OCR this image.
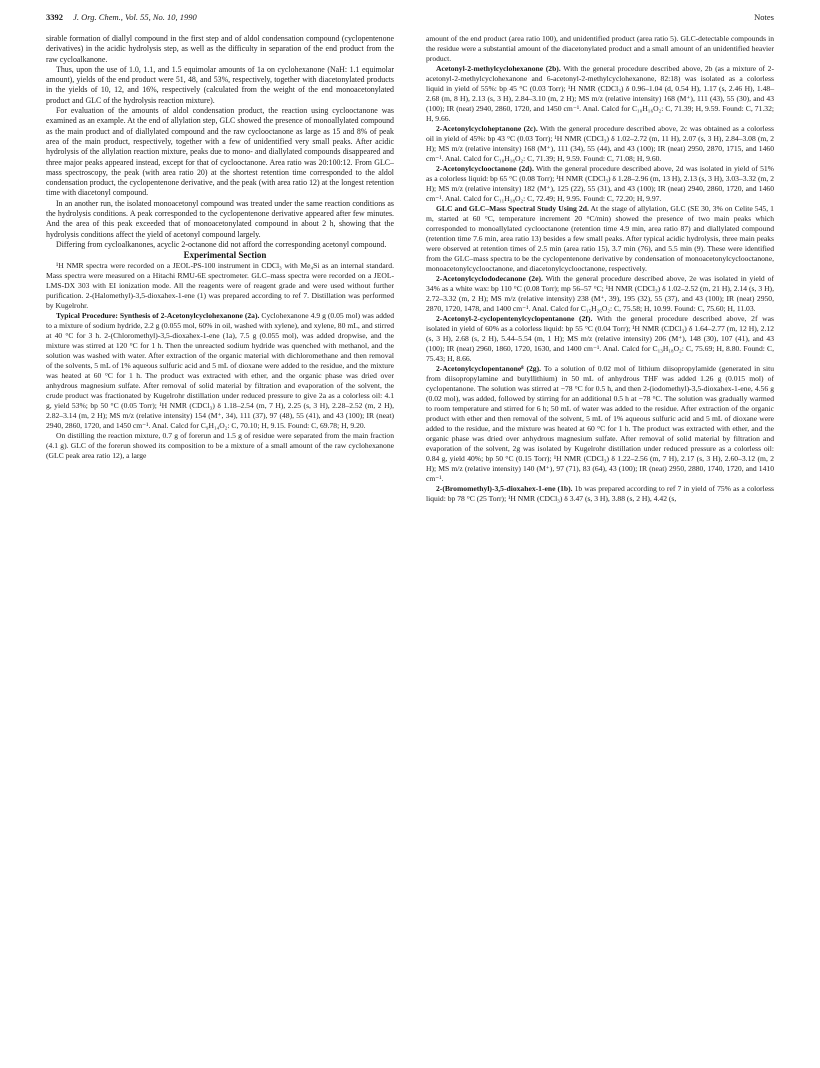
3392 J. Org. Chem., Vol. 55, No. 10, 1990	Notes

sirable formation of diallyl compound in the first step and of aldol condensation compound (cyclopentenone derivatives) in the acidic hydrolysis step, as well as the difficulty in separation of the end product from the raw cycloalkanone.

Thus, upon the use of 1.0, 1.1, and 1.5 equimolar amounts of 1a on cyclohexanone (NaH: 1.1 equimolar amount), yields of the end product were 51, 48, and 53%, respectively, together with diacetonylated products in the yields of 10, 12, and 16%, respectively (calculated from the weight of the end monoacetonylated product and GLC of the hydrolysis reaction mixture).

For evaluation of the amounts of aldol condensation product, the reaction using cyclooctanone was examined as an example. At the end of allylation step, GLC showed the presence of monoallylated compound as the main product and of diallylated compound and the raw cyclooctanone as large as 15 and 8% of peak area of the main product, respectively, together with a few of unidentified very small peaks. After acidic hydrolysis of the allylation reaction mixture, peaks due to mono- and diallylated compounds disappeared and three major peaks appeared instead, except for that of cyclooctanone. Area ratio was 20:100:12. From GLC–mass spectroscopy, the peak (with area ratio 20) at the shortest retention time corresponded to the aldol condensation product, the cyclopentenone derivative, and the peak (with area ratio 12) at the longest retention time with diacetonyl compound.

In an another run, the isolated monoacetonyl compound was treated under the same reaction conditions as the hydrolysis conditions. A peak corresponded to the cyclopentenone derivative appeared after few minutes. And the area of this peak exceeded that of monoacetonylated compound in about 2 h, showing that the hydrolysis conditions affect the yield of acetonyl compound largely.

Differing from cycloalkanones, acyclic 2-octanone did not afford the corresponding acetonyl compound.

Experimental Section

¹H NMR spectra were recorded on a JEOL-PS-100 instrument in CDCl₃ with Me₄Si as an internal standard. Mass spectra were measured on a Hitachi RMU-6E spectrometer. GLC–mass spectra were recorded on a JEOL-LMS-DX 303 with EI ionization mode. All the reagents were of reagent grade and were used without further purification. 2-(Halomethyl)-3,5-dioxahex-1-ene (1) was prepared according to ref 7. Distillation was performed by Kugelrohr.

Typical Procedure: Synthesis of 2-Acetonylcyclohexanone (2a). Cyclohexanone 4.9 g (0.05 mol) was added to a mixture of sodium hydride, 2.2 g (0.055 mol, 60% in oil, washed with xylene), and xylene, 80 mL, and stirred at 40 °C for 3 h. 2-(Chloromethyl)-3,5-dioxahex-1-ene (1a), 7.5 g (0.055 mol), was added dropwise, and the mixture was stirred at 120 °C for 1 h. Then the unreacted sodium hydride was quenched with methanol, and the solution was washed with water. After extraction of the organic material with dichloromethane and then removal of the solvents, 5 mL of 1% aqueous sulfuric acid and 5 mL of dioxane were added to the residue, and the mixture was heated at 60 °C for 1 h. The product was extracted with ether, and the organic phase was dried over anhydrous magnesium sulfate. After removal of solid material by filtration and evaporation of the solvent, the crude product was fractionated by Kugelrohr distillation under reduced pressure to give 2a as a colorless oil: 4.1 g, yield 53%; bp 50 °C (0.05 Torr); ¹H NMR (CDCl₃) δ 1.18–2.54 (m, 7 H), 2.25 (s, 3 H), 2.28–2.52 (m, 2 H), 2.82–3.14 (m, 2 H); MS m/z (relative intensity) 154 (M⁺, 34), 111 (37), 97 (48), 55 (41), and 43 (100); IR (neat) 2940, 2860, 1720, and 1450 cm⁻¹. Anal. Calcd for C₉H₁₄O₂: C, 70.10; H, 9.15. Found: C, 69.78; H, 9.20.

On distilling the reaction mixture, 0.7 g of forerun and 1.5 g of residue were separated from the main fraction (4.1 g). GLC of the forerun showed its composition to be a mixture of a small amount of the raw cyclohexanone (GLC peak area ratio 12), a large

amount of the end product (area ratio 100), and unidentified product (area ratio 5). GLC-detectable compounds in the residue were a substantial amount of the diacetonylated product and a small amount of an unidentified heavier product.

Acetonyl-2-methylcyclohexanone (2b). With the general procedure described above, 2b (as a mixture of 2-acetonyl-2-methylcyclohexanone and 6-acetonyl-2-methylcyclohexanone, 82:18) was isolated as a colorless liquid in yield of 55%: bp 45 °C (0.03 Torr); ¹H NMR (CDCl₃) δ 0.96–1.04 (d, 0.54 H), 1.17 (s, 2.46 H), 1.48–2.68 (m, 8 H), 2.13 (s, 3 H), 2.84–3.10 (m, 2 H); MS m/z (relative intensity) 168 (M⁺), 111 (43), 55 (30), and 43 (100); IR (neat) 2940, 2860, 1720, and 1450 cm⁻¹. Anal. Calcd for C₁₀H₁₆O₂: C, 71.39; H, 9.59. Found: C, 71.32; H, 9.66.

2-Acetonylcycloheptanone (2c). With the general procedure described above, 2c was obtained as a colorless oil in yield of 45%: bp 43 °C (0.03 Torr); ¹H NMR (CDCl₃) δ 1.02–2.72 (m, 11 H), 2.07 (s, 3 H), 2.84–3.08 (m, 2 H); MS m/z (relative intensity) 168 (M⁺), 111 (34), 55 (44), and 43 (100); IR (neat) 2950, 2870, 1715, and 1460 cm⁻¹. Anal. Calcd for C₁₀H₁₆O₂: C, 71.39; H, 9.59. Found: C, 71.08; H, 9.60.

2-Acetonylcyclooctanone (2d). With the general procedure described above, 2d was isolated in yield of 51% as a colorless liquid: bp 65 °C (0.08 Torr); ¹H NMR (CDCl₃) δ 1.28–2.96 (m, 13 H), 2.13 (s, 3 H), 3.03–3.32 (m, 2 H); MS m/z (relative intensity) 182 (M⁺), 125 (22), 55 (31), and 43 (100); IR (neat) 2940, 2860, 1720, and 1460 cm⁻¹. Anal. Calcd for C₁₁H₁₈O₂: C, 72.49; H, 9.95. Found: C, 72.20; H, 9.97.

GLC and GLC–Mass Spectral Study Using 2d. At the stage of allylation, GLC (SE 30, 3% on Celite 545, 1 m, started at 60 °C, temperature increment 20 °C/min) showed the presence of two main peaks which corresponded to monoallylated cyclooctanone (retention time 4.9 min, area ratio 87) and diallylated compound (retention time 7.6 min, area ratio 13) besides a few small peaks. After typical acidic hydrolysis, three main peaks were observed at retention times of 2.5 min (area ratio 15), 3.7 min (76), and 5.5 min (9). These were identified from the GLC–mass spectra to be the cyclopentenone derivative by condensation of monoacetonylcyclooctanone, monoacetonylcyclooctanone, and diacetonylcyclooctanone, respectively.

2-Acetonylcyclododecanone (2e). With the general procedure described above, 2e was isolated in yield of 34% as a white wax: bp 110 °C (0.08 Torr); mp 56–57 °C; ¹H NMR (CDCl₃) δ 1.02–2.52 (m, 21 H), 2.14 (s, 3 H), 2.72–3.32 (m, 2 H); MS m/z (relative intensity) 238 (M⁺, 39), 195 (32), 55 (37), and 43 (100); IR (neat) 2950, 2870, 1720, 1478, and 1400 cm⁻¹. Anal. Calcd for C₁₅H₂₆O₂: C, 75.58; H, 10.99. Found: C, 75.60; H, 11.03.

2-Acetonyl-2-cyclopentenylcyclopentanone (2f). With the general procedure described above, 2f was isolated in yield of 60% as a colorless liquid: bp 55 °C (0.04 Torr); ¹H NMR (CDCl₃) δ 1.64–2.77 (m, 12 H), 2.12 (s, 3 H), 2.68 (s, 2 H), 5.44–5.54 (m, 1 H); MS m/z (relative intensity) 206 (M⁺), 148 (30), 107 (41), and 43 (100); IR (neat) 2960, 1860, 1720, 1630, and 1400 cm⁻¹. Anal. Calcd for C₁₃H₁₈O₂: C, 75.69; H, 8.80. Found: C, 75.43; H, 8.66.

2-Acetonylcyclopentanone⁸ (2g). To a solution of 0.02 mol of lithium diisopropylamide (generated in situ from diisopropylamine and butyllithium) in 50 mL of anhydrous THF was added 1.26 g (0.015 mol) of cyclopentanone. The solution was stirred at −78 °C for 0.5 h, and then 2-(iodomethyl)-3,5-dioxahex-1-ene, 4.56 g (0.02 mol), was added, followed by stirring for an additional 0.5 h at −78 °C. The solution was gradually warmed to room temperature and stirred for 6 h; 50 mL of water was added to the residue. After extraction of the organic product with ether and then removal of the solvent, 5 mL of 1% aqueous sulfuric acid and 5 mL of dioxane were added to the residue, and the mixture was heated at 60 °C for 1 h. The product was extracted with ether, and the organic phase was dried over anhydrous magnesium sulfate. After removal of solid material by filtration and evaporation of the solvent, 2g was isolated by Kugelrohr distillation under reduced pressure as a colorless oil: 0.84 g, yield 40%; bp 50 °C (0.15 Torr); ¹H NMR (CDCl₃) δ 1.22–2.56 (m, 7 H), 2.17 (s, 3 H), 2.60–3.12 (m, 2 H); MS m/z (relative intensity) 140 (M⁺), 97 (71), 83 (64), 43 (100); IR (neat) 2950, 2880, 1740, 1720, and 1410 cm⁻¹.

2-(Bromomethyl)-3,5-dioxahex-1-ene (1b). 1b was prepared according to ref 7 in yield of 75% as a colorless liquid: bp 78 °C (25 Torr); ¹H NMR (CDCl₃) δ 3.47 (s, 3 H), 3.88 (s, 2 H), 4.42 (s,
